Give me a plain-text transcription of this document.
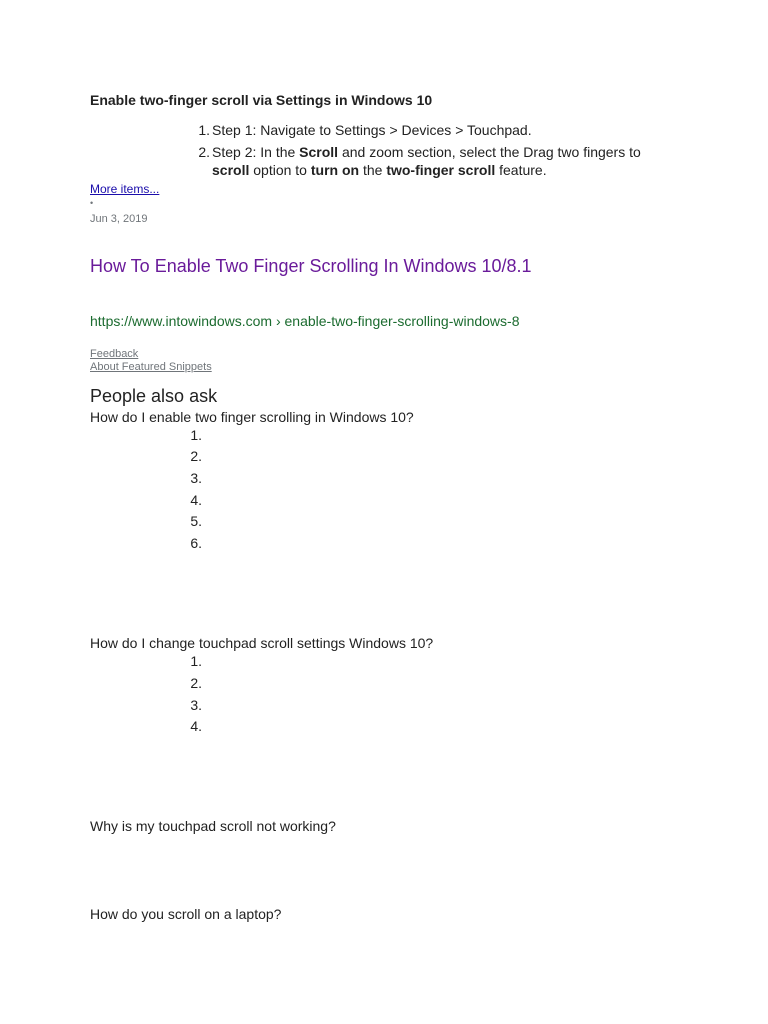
Enable two-finger scroll via Settings in Windows 10
1. Step 1: Navigate to Settings > Devices > Touchpad.
2. Step 2: In the Scroll and zoom section, select the Drag two fingers to scroll option to turn on the two-finger scroll feature.
More items...
•
Jun 3, 2019
How To Enable Two Finger Scrolling In Windows 10/8.1
https://www.intowindows.com › enable-two-finger-scrolling-windows-8
Feedback
About Featured Snippets
People also ask
How do I enable two finger scrolling in Windows 10?
1.
2.
3.
4.
5.
6.
How do I change touchpad scroll settings Windows 10?
1.
2.
3.
4.
Why is my touchpad scroll not working?
How do you scroll on a laptop?
